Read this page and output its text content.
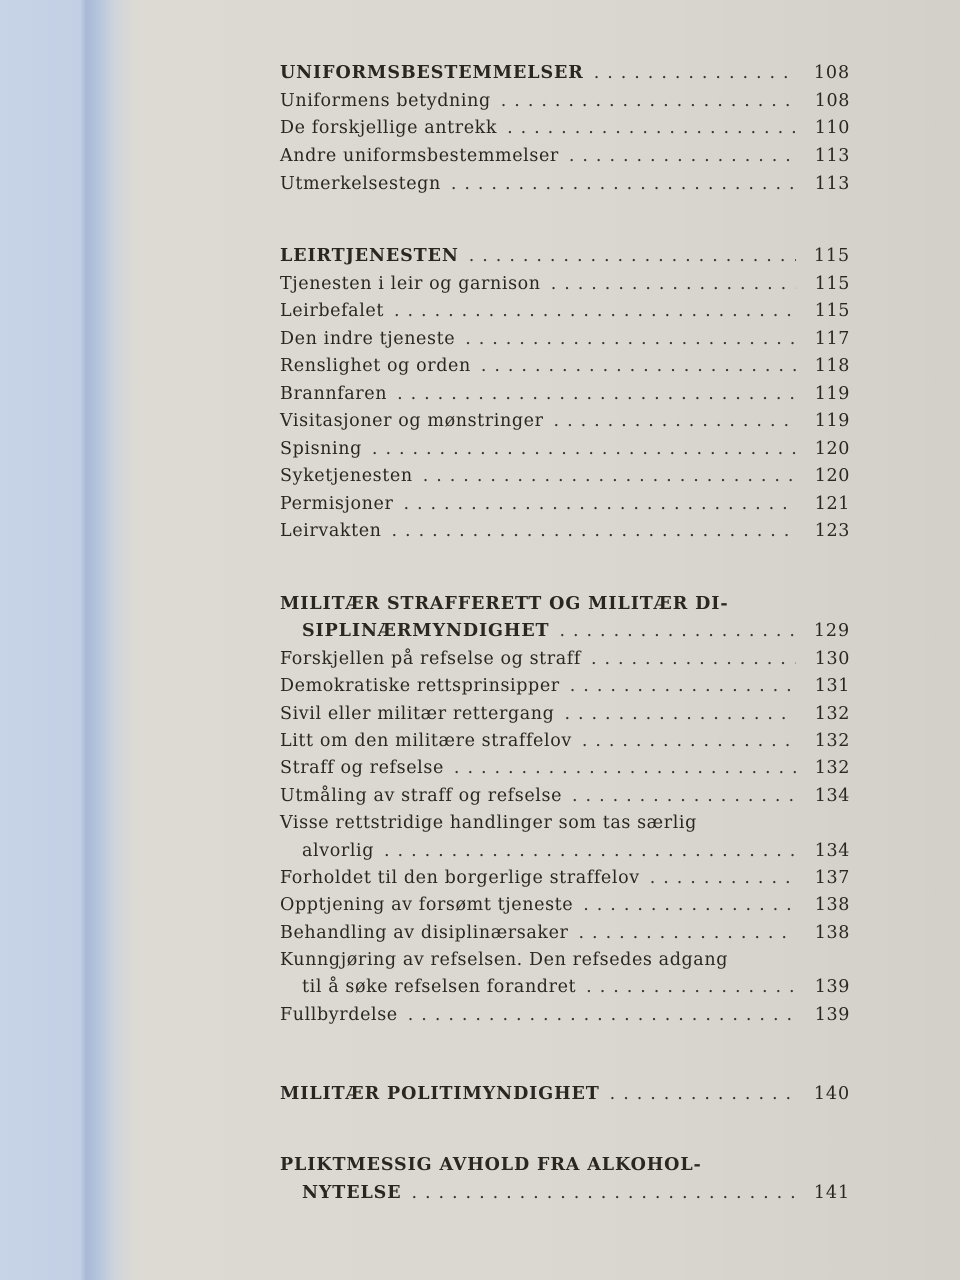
UNIFORMSBESTEMMELSER . . .	108
Uniformens betydning . . .	108
De forskjellige antrekk . . .	110
Andre uniformsbestemmelser . . .	113
Utmerkelsestegn . . .	113
LEIRTJENESTEN . . .	115
Tjenesten i leir og garnison . . .	115
Leirbefalet . . .	115
Den indre tjeneste . . .	117
Renslighet og orden . . .	118
Brannfaren . . .	119
Visitasjoner og mønstringer . . .	119
Spisning . . .	120
Syketjenesten . . .	120
Permisjoner . . .	121
Leirvakten . . .	123
MILITÆR STRAFFERETT OG MILITÆR DI-
SIPLINÆRMYNDIGHET . . .	129
Forskjellen på refselse og straff . . .	130
Demokratiske rettsprinsipper . . .	131
Sivil eller militær rettergang . . .	132
Litt om den militære straffelov . . .	132
Straff og refselse . . .	132
Utmåling av straff og refselse . . .	134
Visse rettstridige handlinger som tas særlig
alvorlig . . .	134
Forholdet til den borgerlige straffelov . . .	137
Opptjening av forsømt tjeneste . . .	138
Behandling av disiplinærsaker . . .	138
Kunngjøring av refselsen. Den refsedes adgang
til å søke refselsen forandret . . .	139
Fullbyrdelse . . .	139
MILITÆR POLITIMYNDIGHET . . .	140
PLIKTMESSIG AVHOLD FRA ALKOHOL-
NYTELSE . . .	141
